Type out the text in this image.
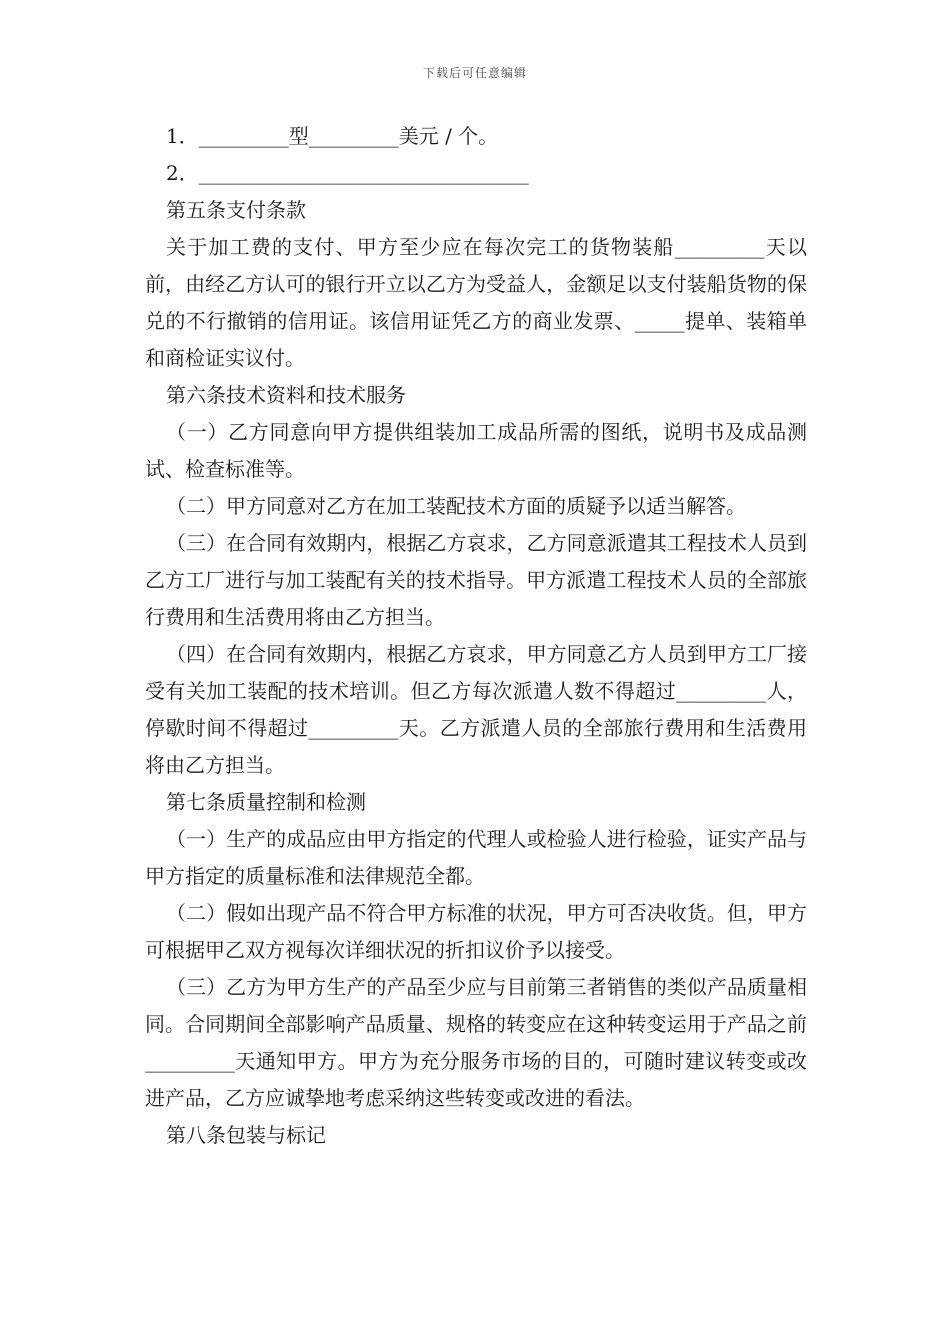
下载后可任意编辑

1．_________型_________美元 / 个。

2．_________________________________

第五条支付条款

关于加工费的支付、甲方至少应在每次完工的货物装船_________天以前，由经乙方认可的银行开立以乙方为受益人，金额足以支付装船货物的保兑的不行撤销的信用证。该信用证凭乙方的商业发票、_____提单、装箱单和商检证实议付。

第六条技术资料和技术服务

（一）乙方同意向甲方提供组装加工成品所需的图纸，说明书及成品测试、检查标准等。

（二）甲方同意对乙方在加工装配技术方面的质疑予以适当解答。

（三）在合同有效期内，根据乙方哀求，乙方同意派遣其工程技术人员到乙方工厂进行与加工装配有关的技术指导。甲方派遣工程技术人员的全部旅行费用和生活费用将由乙方担当。

（四）在合同有效期内，根据乙方哀求，甲方同意乙方人员到甲方工厂接受有关加工装配的技术培训。但乙方每次派遣人数不得超过_________人，停歇时间不得超过_________天。乙方派遣人员的全部旅行费用和生活费用将由乙方担当。

第七条质量控制和检测

（一）生产的成品应由甲方指定的代理人或检验人进行检验，证实产品与甲方指定的质量标准和法律规范全都。

（二）假如出现产品不符合甲方标准的状况，甲方可否决收货。但，甲方可根据甲乙双方视每次详细状况的折扣议价予以接受。

（三）乙方为甲方生产的产品至少应与目前第三者销售的类似产品质量相同。合同期间全部影响产品质量、规格的转变应在这种转变运用于产品之前_________天通知甲方。甲方为充分服务市场的目的，可随时建议转变或改进产品，乙方应诚挚地考虑采纳这些转变或改进的看法。

第八条包装与标记
